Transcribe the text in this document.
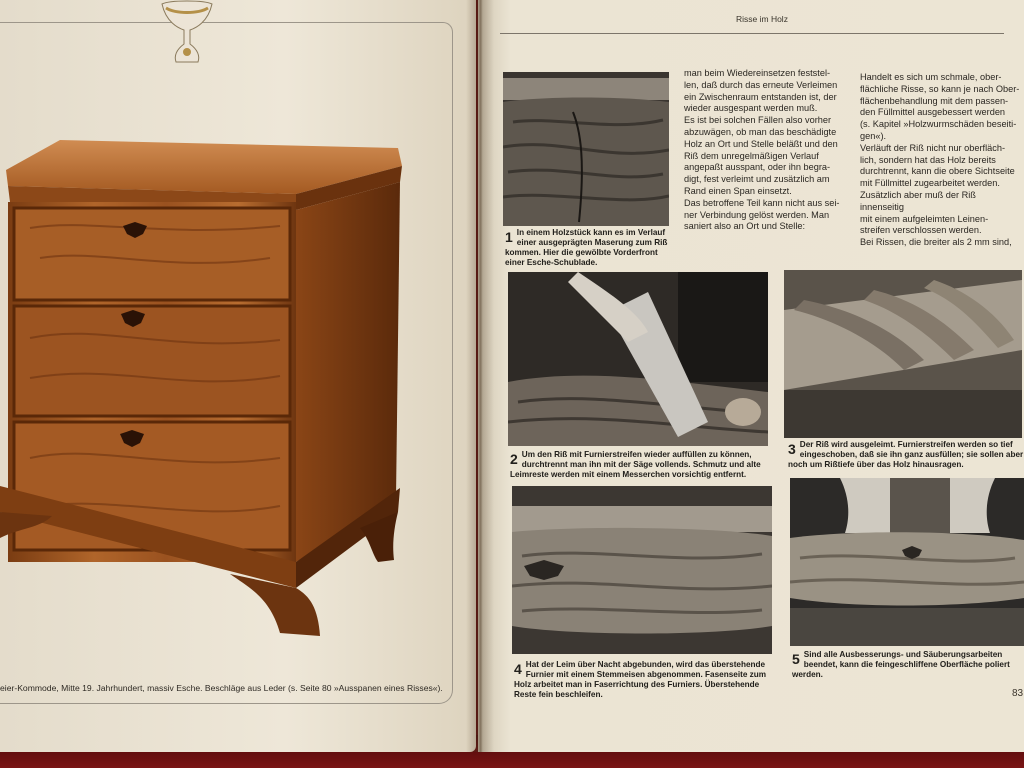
eier-Kommode, Mitte 19. Jahrhundert, massiv Esche. Beschläge aus Leder (s. Seite 80 »Ausspanen eines Risses«).
Risse im Holz

man beim Wiedereinsetzen feststel-

len, daß durch das erneute Verleimen

ein Zwischenraum entstanden ist, der

wieder ausgespant werden muß.

Es ist bei solchen Fällen also vorher

abzuwägen, ob man das beschädigte

Holz an Ort und Stelle beläßt und den

Riß dem unregelmäßigen Verlauf

angepaßt ausspant, oder ihn begra-

digt, fest verleimt und zusätzlich am

Rand einen Span einsetzt.

Das betroffene Teil kann nicht aus sei-

ner Verbindung gelöst werden. Man

saniert also an Ort und Stelle:

Handelt es sich um schmale, ober-

flächliche Risse, so kann je nach Ober-

flächenbehandlung mit dem passen-

den Füllmittel ausgebessert werden

(s. Kapitel »Holzwurmschäden beseiti-

gen«).

Verläuft der Riß nicht nur oberfläch-

lich, sondern hat das Holz bereits

durchtrennt, kann die obere Sichtseite

mit Füllmittel zugearbeitet werden.

Zusätzlich aber muß der Riß innenseitig

mit einem aufgeleimten Leinen-

streifen verschlossen werden.

Bei Rissen, die breiter als 2 mm sind,

1 In einem Holzstück kann es im Verlauf einer ausgeprägten Maserung zum Riß kommen. Hier die gewölbte Vorderfront einer Esche-Schublade.
2 Um den Riß mit Furnierstreifen wieder auffüllen zu können, durchtrennt man ihn mit der Säge vollends. Schmutz und alte Leimreste werden mit einem Messerchen vorsichtig entfernt.
3 Der Riß wird ausgeleimt. Furnierstreifen werden so tief eingeschoben, daß sie ihn ganz ausfüllen; sie sollen aber noch um Rißtiefe über das Holz hinausragen.
4 Hat der Leim über Nacht abgebunden, wird das überstehende Furnier mit einem Stemmeisen abgenommen. Fasenseite zum Holz arbeitet man in Faserrichtung des Furniers. Überstehende Reste fein beschleifen.
5 Sind alle Ausbesserungs- und Säuberungsarbeiten beendet, kann die feingeschliffene Oberfläche poliert werden.
83
